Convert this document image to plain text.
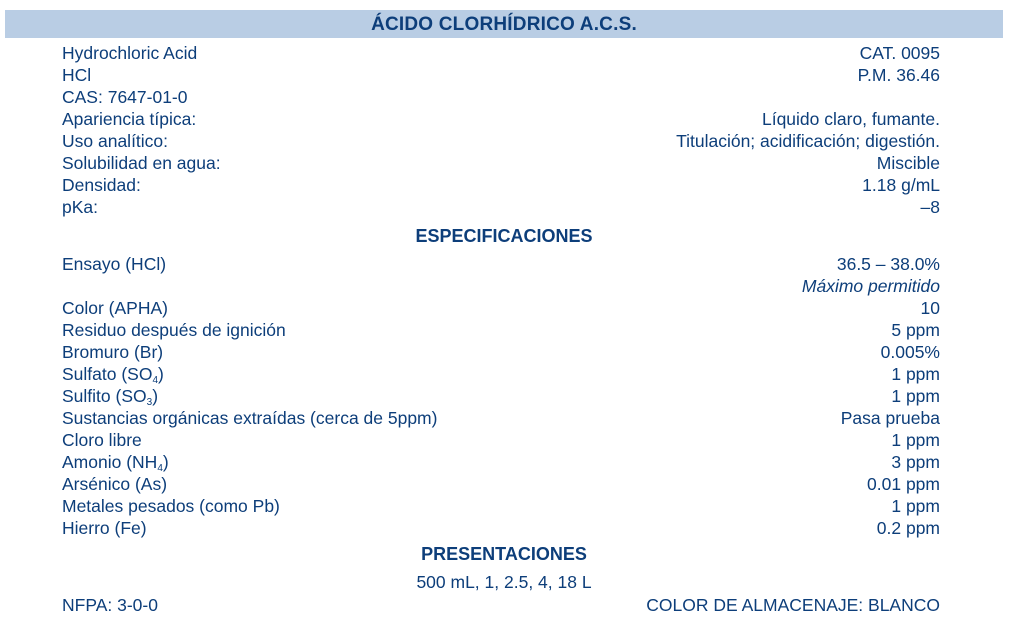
ÁCIDO CLORHÍDRICO A.C.S.
Hydrochloric Acid	CAT. 0095
HCl	P.M. 36.46
CAS: 7647-01-0
Apariencia típica:	Líquido claro, fumante.
Uso analítico:	Titulación; acidificación; digestión.
Solubilidad en agua:	Miscible
Densidad:	1.18 g/mL
pKa:	–8
ESPECIFICACIONES
Ensayo (HCl)	36.5 – 38.0%
Máximo permitido
Color (APHA)	10
Residuo después de ignición	5 ppm
Bromuro (Br)	0.005%
Sulfato $(SO_4)$	1 ppm
Sulfito $(SO_3)$	1 ppm
Sustancias orgánicas extraídas (cerca de 5ppm)	Pasa prueba
Cloro libre	1 ppm
Amonio $(NH_4)$	3 ppm
Arsénico (As)	0.01 ppm
Metales pesados (como Pb)	1 ppm
Hierro (Fe)	0.2 ppm
PRESENTACIONES
500 mL, 1, 2.5, 4, 18 L
NFPA: 3-0-0	COLOR DE ALMACENAJE: BLANCO
